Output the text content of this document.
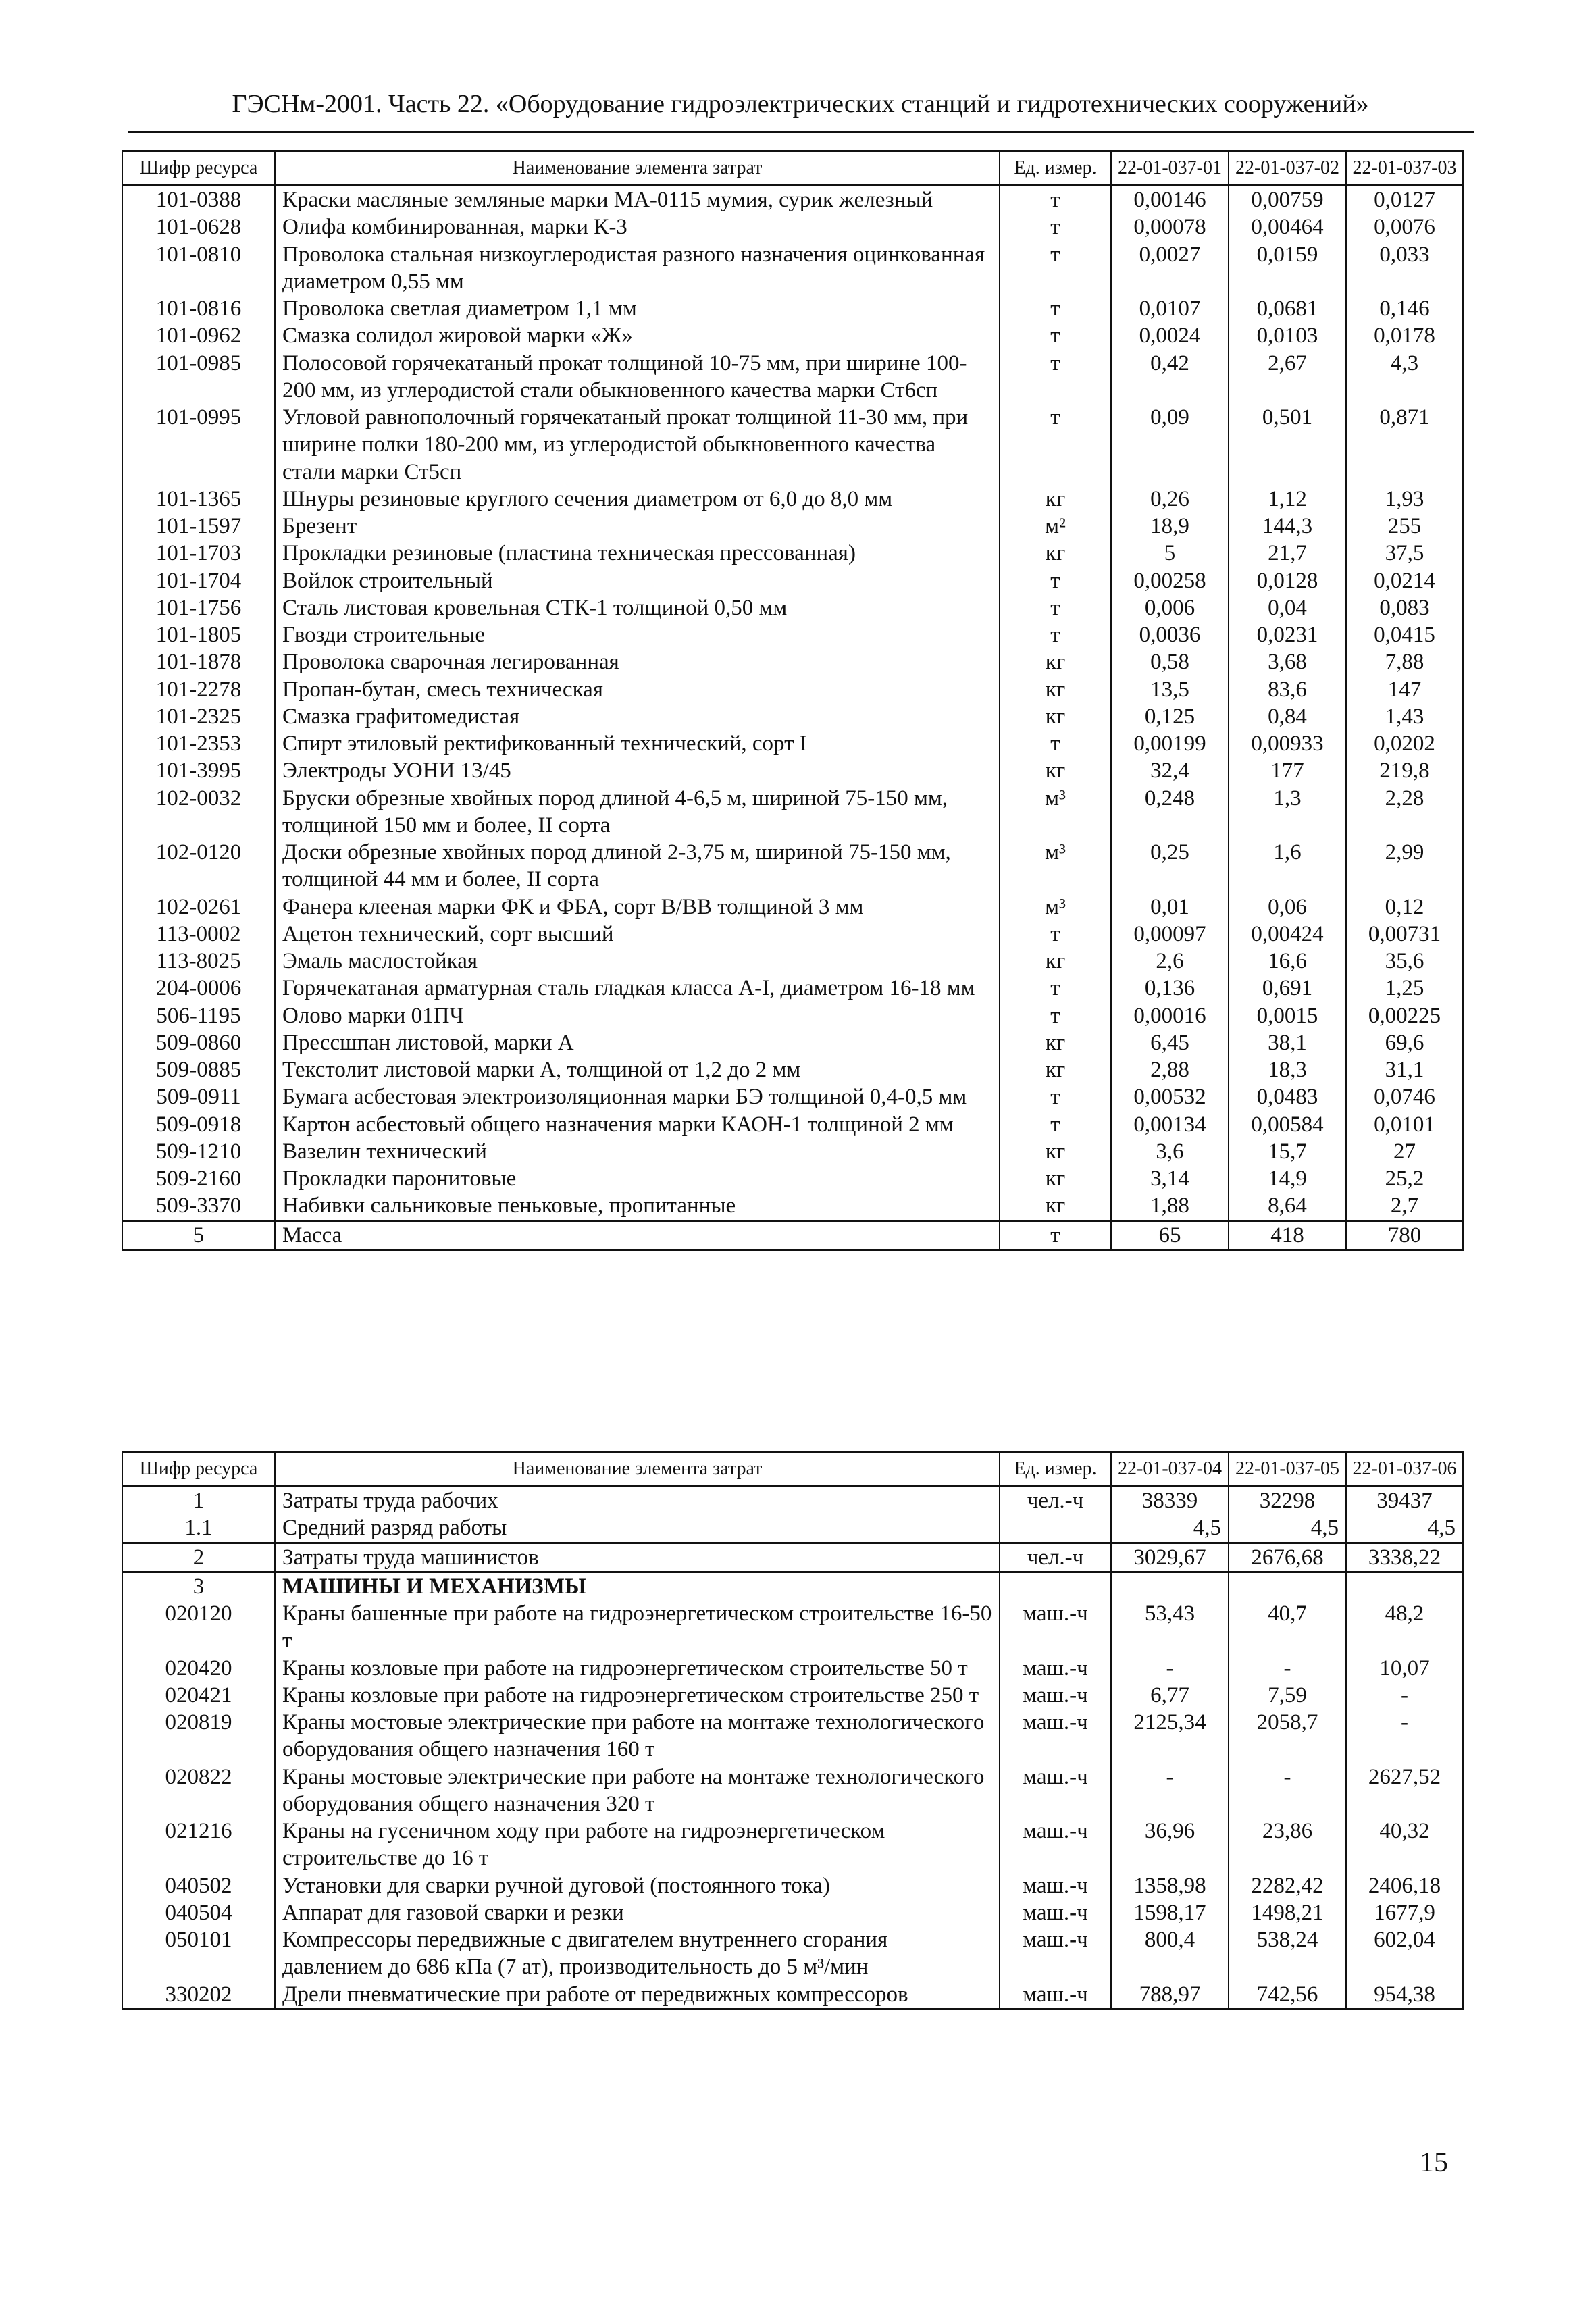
ГЭСНм-2001. Часть 22. «Оборудование гидроэлектрических станций и гидротехнических сооружений»
Шифр ресурса	Наименование элемента затрат	Ед. измер.	22-01-037-01	22-01-037-02	22-01-037-03
101-0388	Краски масляные земляные марки МА-0115 мумия, сурик железный	т	0,00146	0,00759	0,0127
101-0628	Олифа комбинированная, марки К-3	т	0,00078	0,00464	0,0076
101-0810	Проволока стальная низкоуглеродистая разного назначения оцинкованная диаметром 0,55 мм	т	0,0027	0,0159	0,033
101-0816	Проволока светлая диаметром 1,1 мм	т	0,0107	0,0681	0,146
101-0962	Смазка солидол жировой марки «Ж»	т	0,0024	0,0103	0,0178
101-0985	Полосовой горячекатаный прокат толщиной 10-75 мм, при ширине 100-200 мм, из углеродистой стали обыкновенного качества марки Ст6сп	т	0,42	2,67	4,3
101-0995	Угловой равнополочный горячекатаный прокат толщиной 11-30 мм, при ширине полки 180-200 мм, из углеродистой обыкновенного качества стали марки Ст5сп	т	0,09	0,501	0,871
101-1365	Шнуры резиновые круглого сечения диаметром от 6,0 до 8,0 мм	кг	0,26	1,12	1,93
101-1597	Брезент	м²	18,9	144,3	255
101-1703	Прокладки резиновые (пластина техническая прессованная)	кг	5	21,7	37,5
101-1704	Войлок строительный	т	0,00258	0,0128	0,0214
101-1756	Сталь листовая кровельная СТК-1 толщиной 0,50 мм	т	0,006	0,04	0,083
101-1805	Гвозди строительные	т	0,0036	0,0231	0,0415
101-1878	Проволока сварочная легированная	кг	0,58	3,68	7,88
101-2278	Пропан-бутан, смесь техническая	кг	13,5	83,6	147
101-2325	Смазка графитомедистая	кг	0,125	0,84	1,43
101-2353	Спирт этиловый ректификованный технический, сорт I	т	0,00199	0,00933	0,0202
101-3995	Электроды УОНИ 13/45	кг	32,4	177	219,8
102-0032	Бруски обрезные хвойных пород длиной 4-6,5 м, шириной 75-150 мм, толщиной 150 мм и более, II сорта	м³	0,248	1,3	2,28
102-0120	Доски обрезные хвойных пород длиной 2-3,75 м, шириной 75-150 мм, толщиной 44 мм и более, II сорта	м³	0,25	1,6	2,99
102-0261	Фанера клееная марки ФК и ФБА, сорт В/ВВ толщиной 3 мм	м³	0,01	0,06	0,12
113-0002	Ацетон технический, сорт высший	т	0,00097	0,00424	0,00731
113-8025	Эмаль маслостойкая	кг	2,6	16,6	35,6
204-0006	Горячекатаная арматурная сталь гладкая класса А-I, диаметром 16-18 мм	т	0,136	0,691	1,25
506-1195	Олово марки 01ПЧ	т	0,00016	0,0015	0,00225
509-0860	Прессшпан листовой, марки А	кг	6,45	38,1	69,6
509-0885	Текстолит листовой марки А, толщиной от 1,2 до 2 мм	кг	2,88	18,3	31,1
509-0911	Бумага асбестовая электроизоляционная марки БЭ толщиной 0,4-0,5 мм	т	0,00532	0,0483	0,0746
509-0918	Картон асбестовый общего назначения марки КАОН-1 толщиной 2 мм	т	0,00134	0,00584	0,0101
509-1210	Вазелин технический	кг	3,6	15,7	27
509-2160	Прокладки паронитовые	кг	3,14	14,9	25,2
509-3370	Набивки сальниковые пеньковые, пропитанные	кг	1,88	8,64	2,7
5	Масса	т	65	418	780
Шифр ресурса	Наименование элемента затрат	Ед. измер.	22-01-037-04	22-01-037-05	22-01-037-06
1	Затраты труда рабочих	чел.-ч	38339	32298	39437
1.1	Средний разряд работы		4,5	4,5	4,5
2	Затраты труда машинистов	чел.-ч	3029,67	2676,68	3338,22
3	МАШИНЫ И МЕХАНИЗМЫ				
020120	Краны башенные при работе на гидроэнергетическом строительстве 16-50 т	маш.-ч	53,43	40,7	48,2
020420	Краны козловые при работе на гидроэнергетическом строительстве 50 т	маш.-ч	-	-	10,07
020421	Краны козловые при работе на гидроэнергетическом строительстве 250 т	маш.-ч	6,77	7,59	-
020819	Краны мостовые электрические при работе на монтаже технологического оборудования общего назначения 160 т	маш.-ч	2125,34	2058,7	-
020822	Краны мостовые электрические при работе на монтаже технологического оборудования общего назначения 320 т	маш.-ч	-	-	2627,52
021216	Краны на гусеничном ходу при работе на гидроэнергетическом строительстве до 16 т	маш.-ч	36,96	23,86	40,32
040502	Установки для сварки ручной дуговой (постоянного тока)	маш.-ч	1358,98	2282,42	2406,18
040504	Аппарат для газовой сварки и резки	маш.-ч	1598,17	1498,21	1677,9
050101	Компрессоры передвижные с двигателем внутреннего сгорания давлением до 686 кПа (7 ат), производительность до 5 м³/мин	маш.-ч	800,4	538,24	602,04
330202	Дрели пневматические при работе от передвижных компрессоров	маш.-ч	788,97	742,56	954,38
15
